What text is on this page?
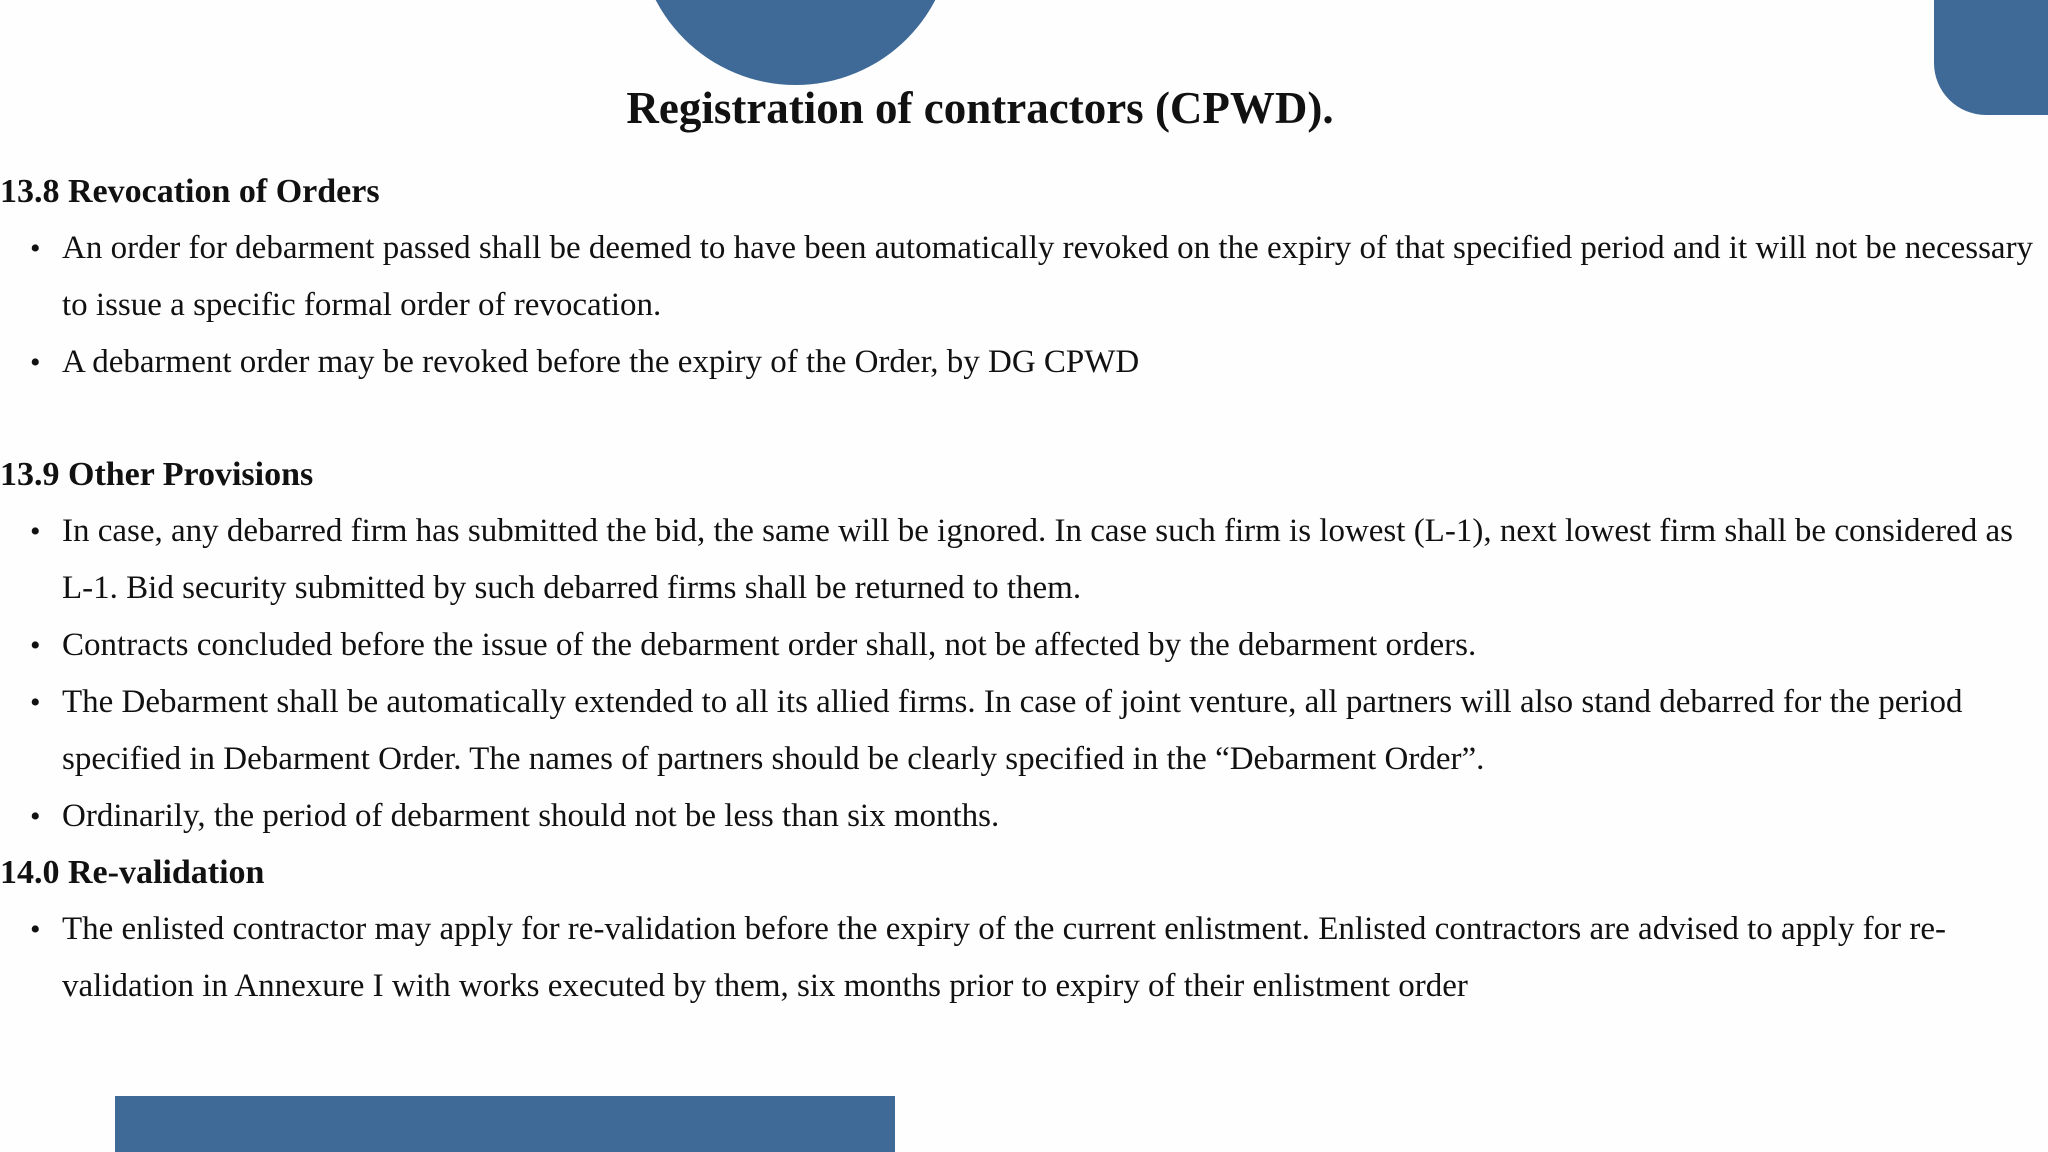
Registration of contractors (CPWD).
13.8 Revocation of Orders
• An order for debarment passed shall be deemed to have been automatically revoked on the expiry of that specified period and it will not be necessary to issue a specific formal order of revocation.
• A debarment order may be revoked before the expiry of the Order, by DG CPWD
13.9 Other Provisions
• In case, any debarred firm has submitted the bid, the same will be ignored. In case such firm is lowest (L-1), next lowest firm shall be considered as L-1. Bid security submitted by such debarred firms shall be returned to them.
• Contracts concluded before the issue of the debarment order shall, not be affected by the debarment orders.
• The Debarment shall be automatically extended to all its allied firms. In case of joint venture, all partners will also stand debarred for the period specified in Debarment Order. The names of partners should be clearly specified in the “Debarment Order”.
• Ordinarily, the period of debarment should not be less than six months.
14.0 Re-validation
• The enlisted contractor may apply for re-validation before the expiry of the current enlistment. Enlisted contractors are advised to apply for re-validation in Annexure I with works executed by them, six months prior to expiry of their enlistment order
